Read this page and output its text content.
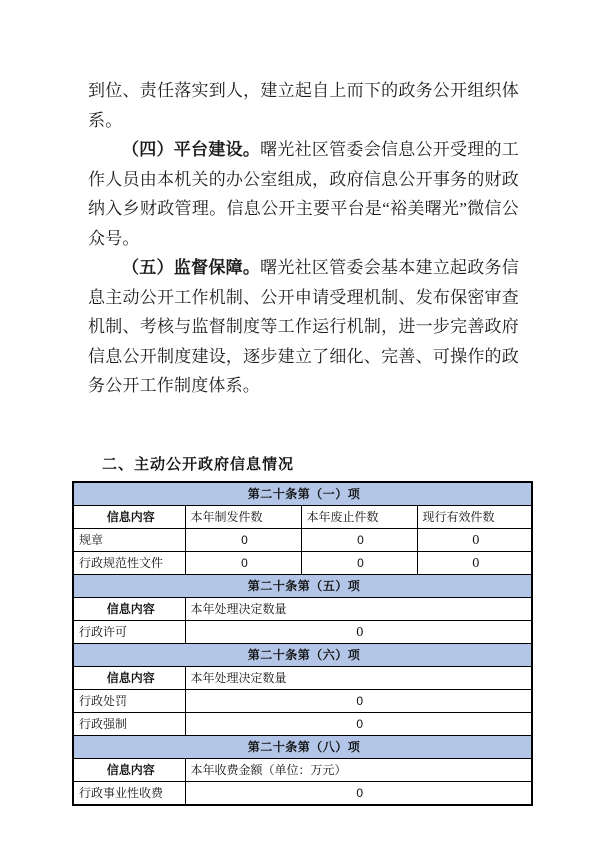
到位、责任落实到人，建立起自上而下的政务公开组织体系。

（四）平台建设。曙光社区管委会信息公开受理的工作人员由本机关的办公室组成，政府信息公开事务的财政纳入乡财政管理。信息公开主要平台是“裕美曙光”微信公众号。

（五）监督保障。曙光社区管委会基本建立起政务信息主动公开工作机制、公开申请受理机制、发布保密审查机制、考核与监督制度等工作运行机制，进一步完善政府信息公开制度建设，逐步建立了细化、完善、可操作的政务公开工作制度体系。

二、主动公开政府信息情况
第二十条第（一）项			
信息内容	本年制发件数	本年废止件数	现行有效件数
规章	0	0	0
行政规范性文件	0	0	0
第二十条第（五）项			
信息内容	本年处理决定数量		
行政许可	0		
第二十条第（六）项			
信息内容	本年处理决定数量		
行政处罚	0		
行政强制	0		
第二十条第（八）项			
信息内容	本年收费金额（单位：万元）		
行政事业性收费	0		
